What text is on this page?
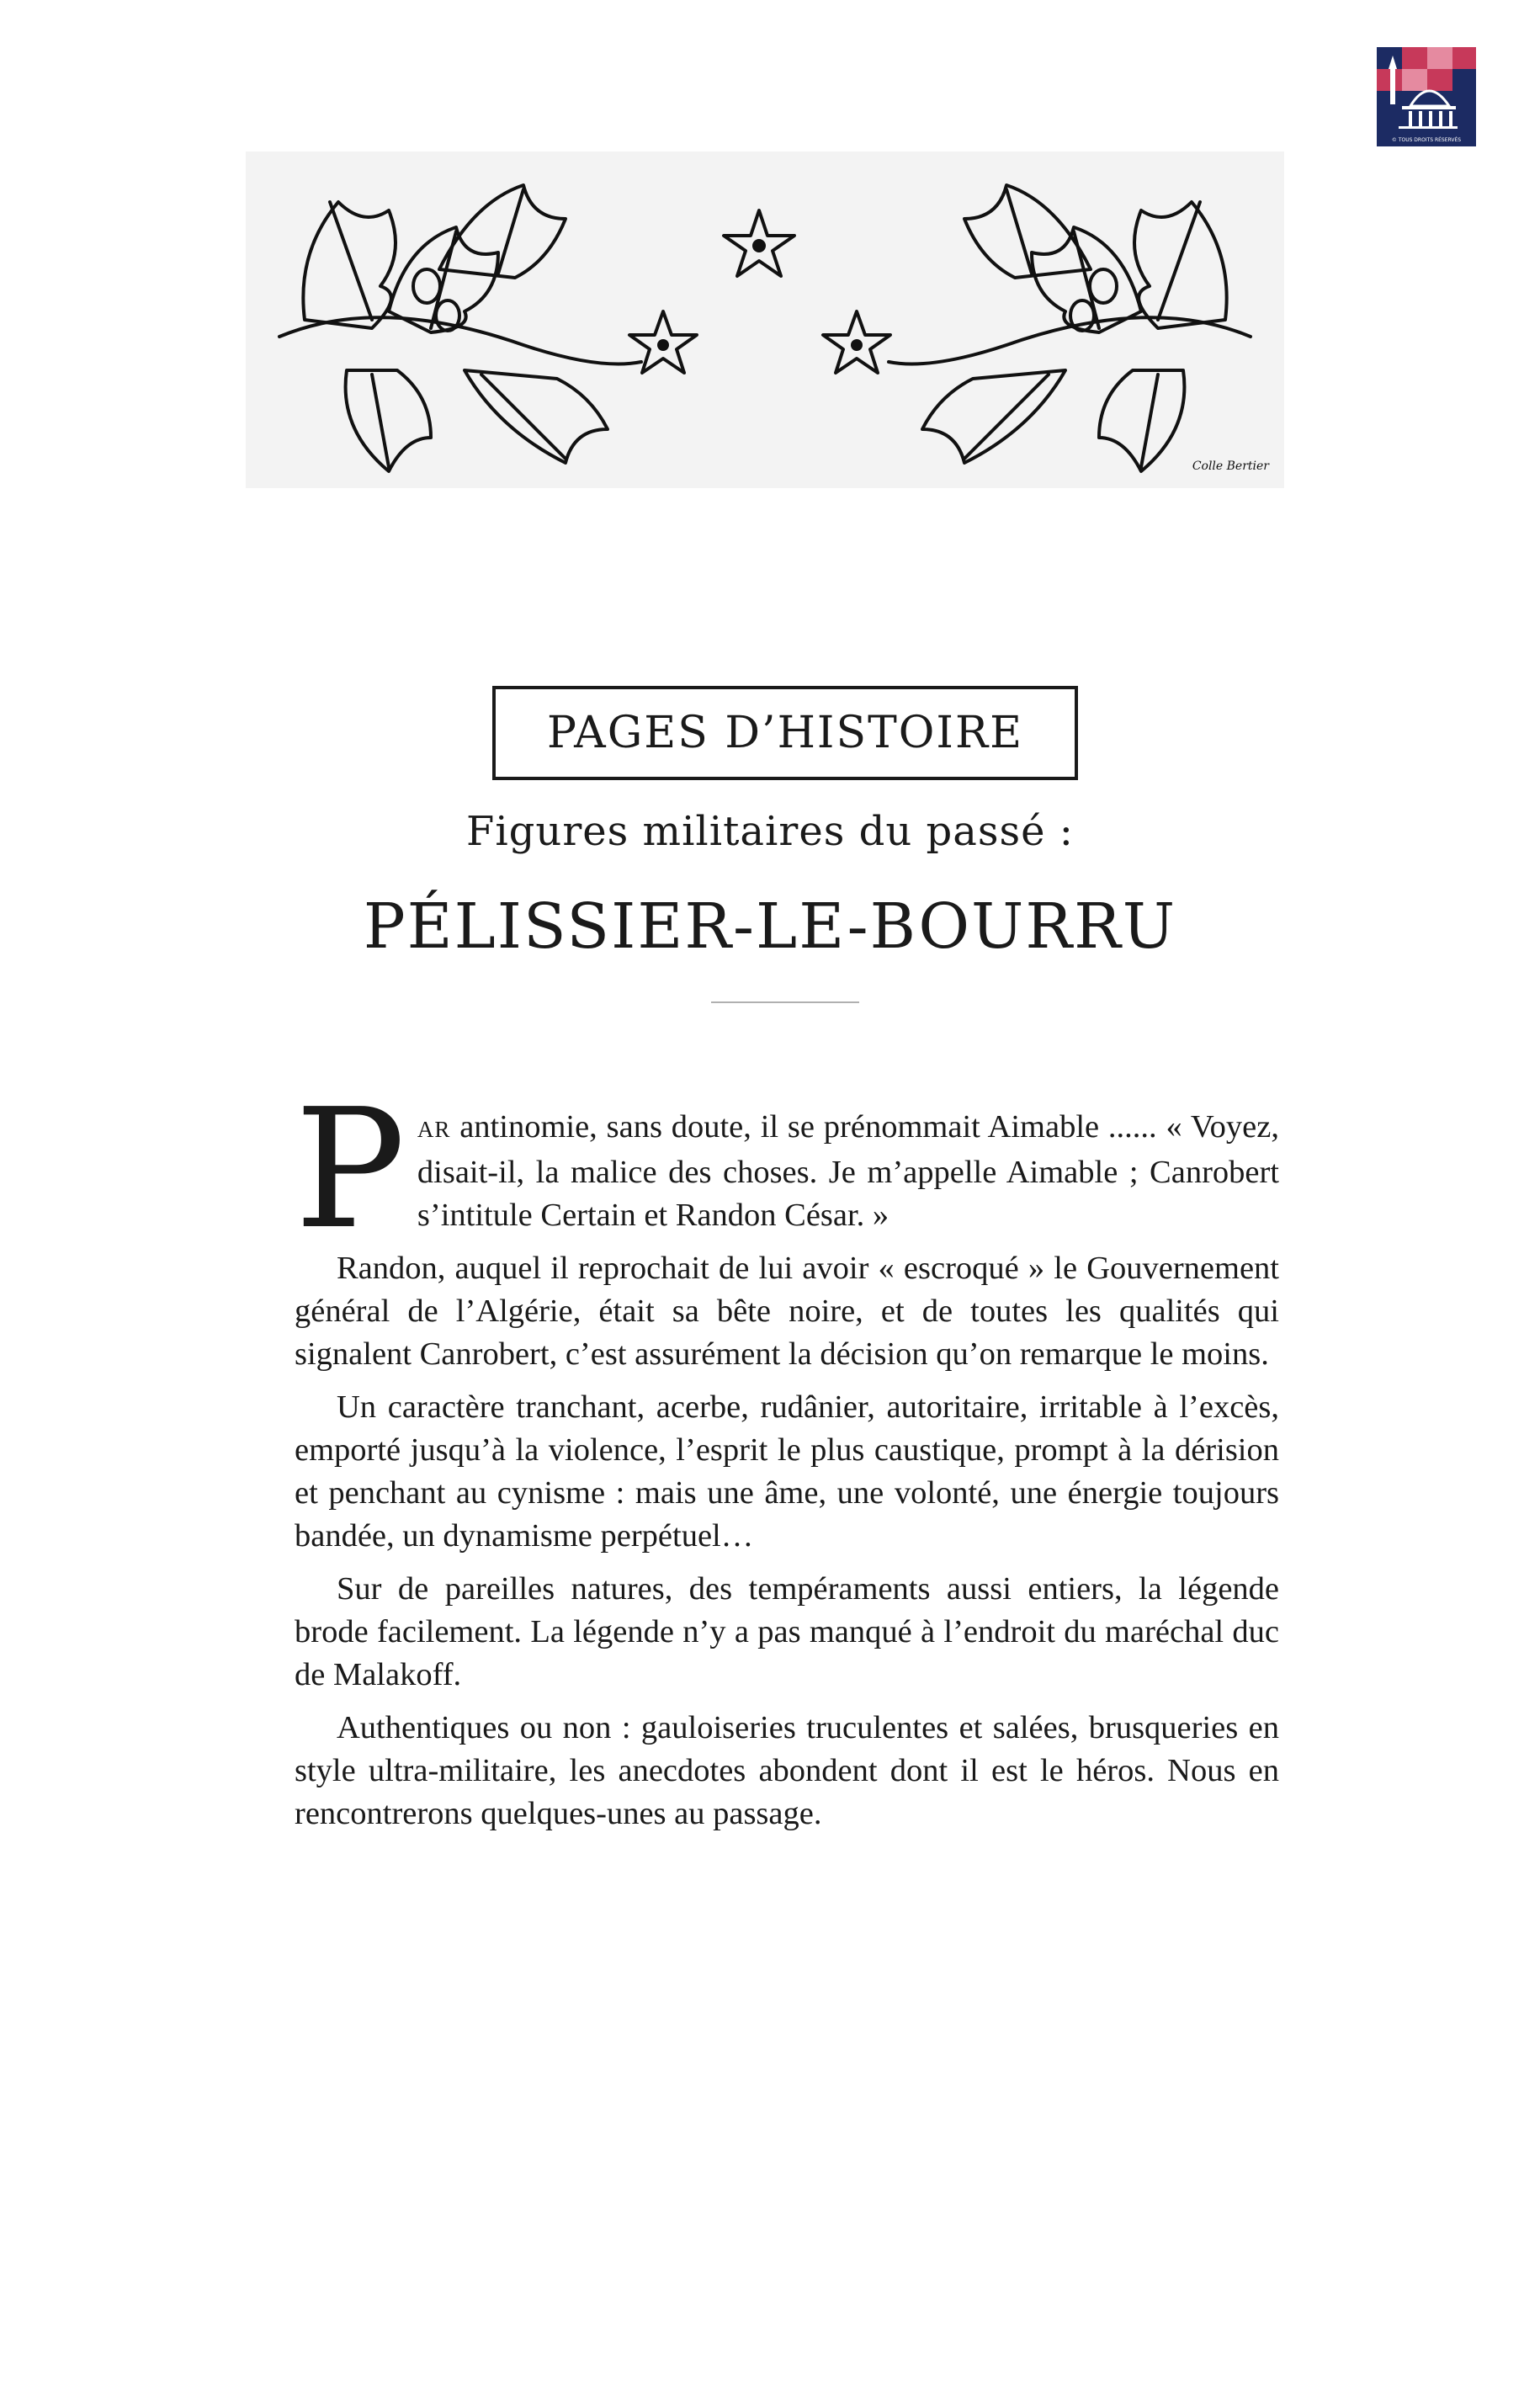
© TOUS DROITS RÉSERVÉS
Colle Bertier
PAGES D’HISTOIRE
Figures militaires du passé :
PÉLISSIER-LE-BOURRU

PAR antinomie, sans doute, il se prénommait Aimable ...... « Voyez, disait-il, la malice des choses. Je m’appelle Aimable ; Canrobert s’intitule Certain et Randon César. »

Randon, auquel il reprochait de lui avoir « escroqué » le Gouvernement général de l’Algérie, était sa bête noire, et de toutes les qualités qui signalent Canrobert, c’est assurément la décision qu’on remarque le moins.

Un caractère tranchant, acerbe, rudânier, autoritaire, irritable à l’excès, emporté jusqu’à la violence, l’esprit le plus caustique, prompt à la dérision et penchant au cynisme : mais une âme, une volonté, une énergie toujours bandée, un dynamisme perpétuel…

Sur de pareilles natures, des tempéraments aussi entiers, la légende brode facilement. La légende n’y a pas manqué à l’endroit du maréchal duc de Malakoff.

Authentiques ou non : gauloiseries truculentes et salées, brusqueries en style ultra-militaire, les anecdotes abondent dont il est le héros. Nous en rencontrerons quelques-unes au passage.
